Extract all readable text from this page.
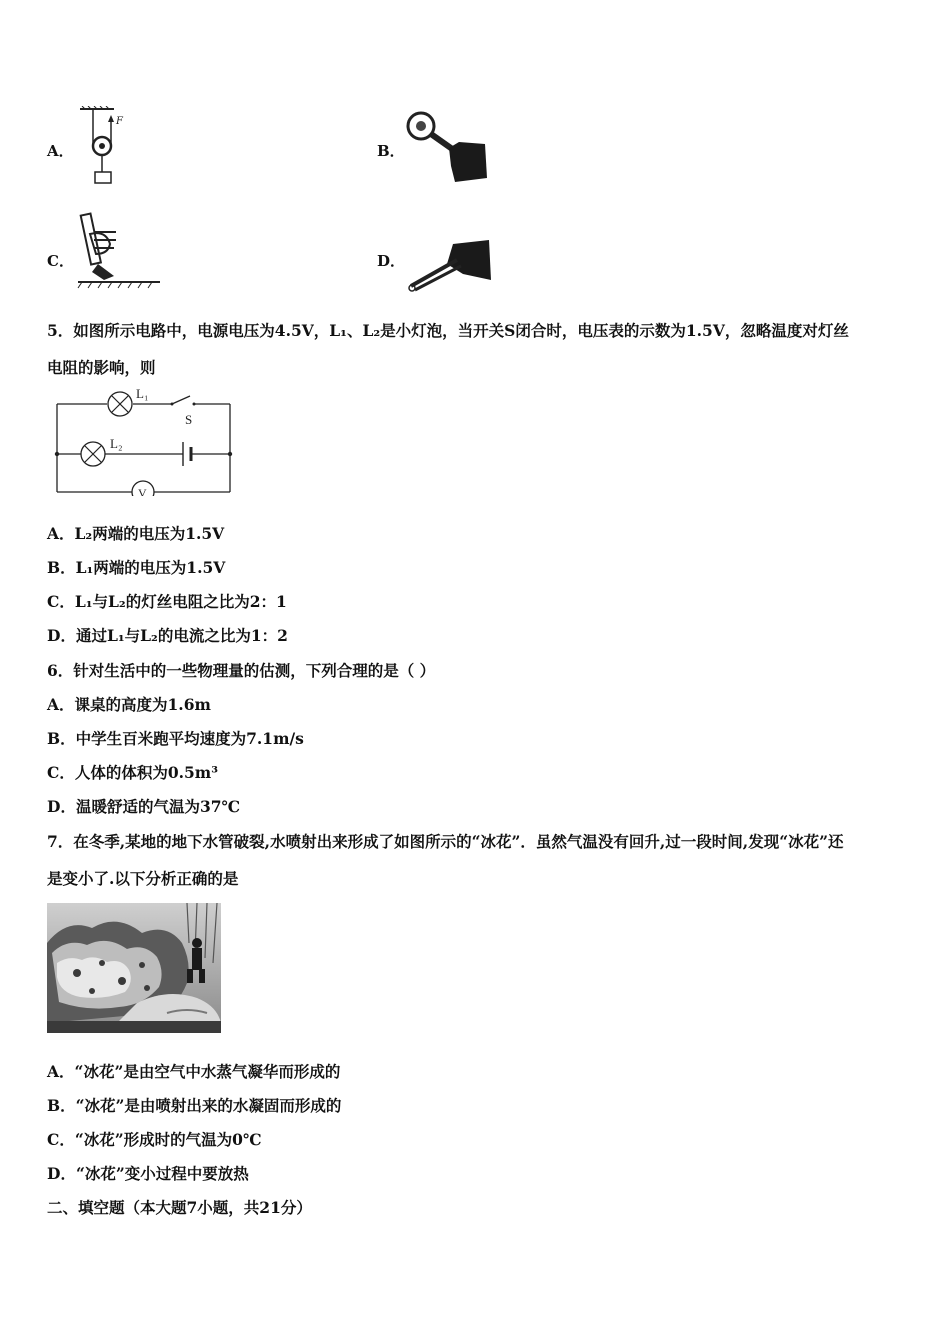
A．
F
B．
C．	D．
5．如图所示电路中，电源电压为4.5V，L₁、L₂是小灯泡，当开关S闭合时，电压表的示数为1.5V，忽略温度对灯丝
电阻的影响，则
L₁
S
L₂
V
A．L₂两端的电压为1.5V
B．L₁两端的电压为1.5V
C．L₁与L₂的灯丝电阻之比为2：1
D．通过L₁与L₂的电流之比为1：2
6．针对生活中的一些物理量的估测，下列合理的是（ ）
A．课桌的高度为1.6m
B．中学生百米跑平均速度为7.1m/s
C．人体的体积为0.5m³
D．温暖舒适的气温为37℃
7．在冬季,某地的地下水管破裂,水喷射出来形成了如图所示的“冰花”．虽然气温没有回升,过一段时间,发现“冰花”还
是变小了.以下分析正确的是
A．“冰花”是由空气中水蒸气凝华而形成的
B．“冰花”是由喷射出来的水凝固而形成的
C．“冰花”形成时的气温为0℃
D．“冰花”变小过程中要放热
二、填空题（本大题7小题，共21分）
